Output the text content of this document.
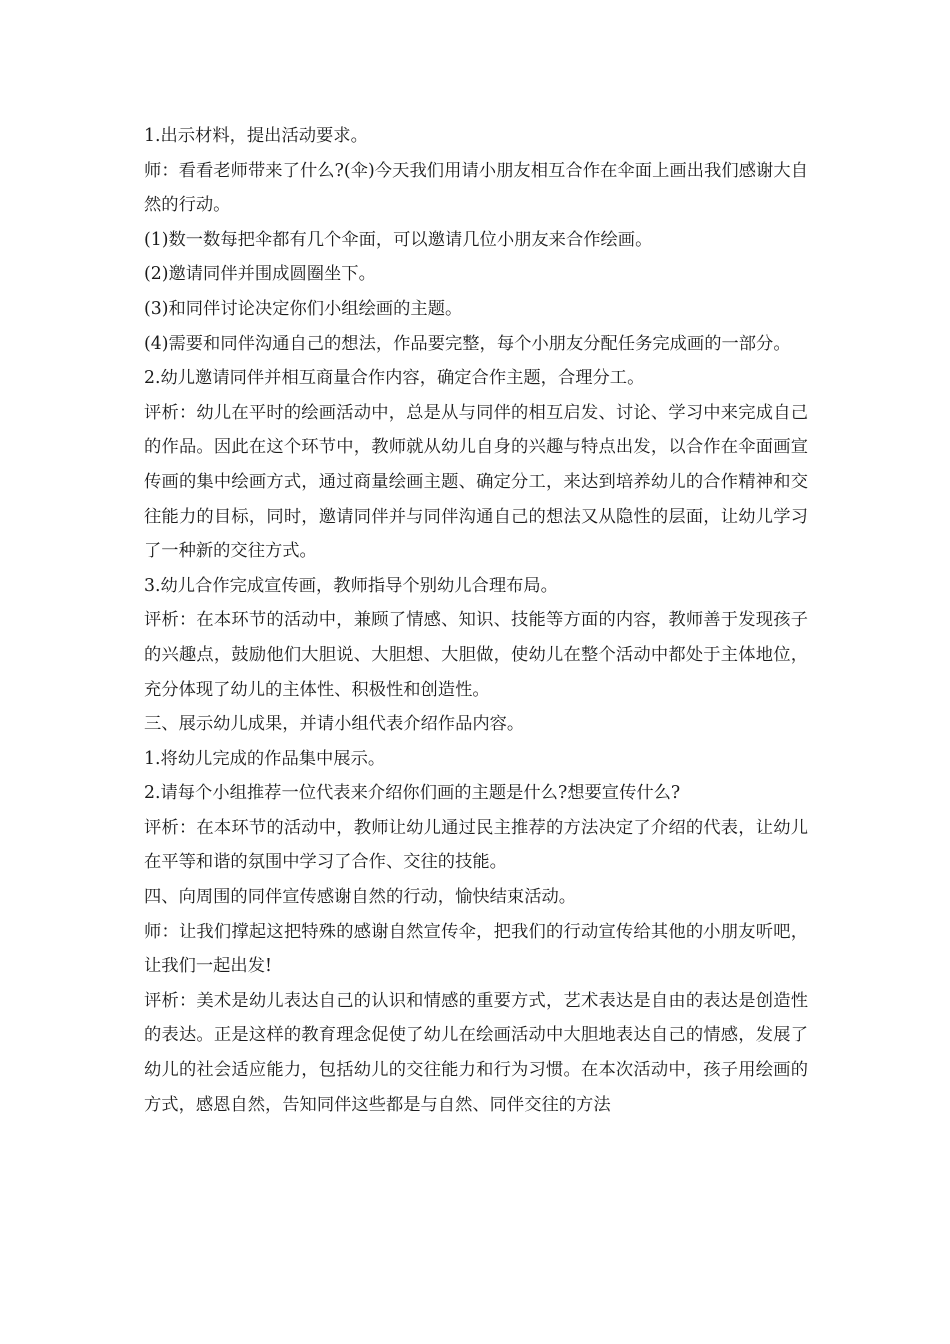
1.出示材料，提出活动要求。

师：看看老师带来了什么?(伞)今天我们用请小朋友相互合作在伞面上画出我们感谢大自然的行动。

(1)数一数每把伞都有几个伞面，可以邀请几位小朋友来合作绘画。

(2)邀请同伴并围成圆圈坐下。

(3)和同伴讨论决定你们小组绘画的主题。

(4)需要和同伴沟通自己的想法，作品要完整，每个小朋友分配任务完成画的一部分。

2.幼儿邀请同伴并相互商量合作内容，确定合作主题，合理分工。

评析：幼儿在平时的绘画活动中，总是从与同伴的相互启发、讨论、学习中来完成自己的作品。因此在这个环节中，教师就从幼儿自身的兴趣与特点出发，以合作在伞面画宣传画的集中绘画方式，通过商量绘画主题、确定分工，来达到培养幼儿的合作精神和交往能力的目标，同时，邀请同伴并与同伴沟通自己的想法又从隐性的层面，让幼儿学习了一种新的交往方式。

3.幼儿合作完成宣传画，教师指导个别幼儿合理布局。

评析：在本环节的活动中，兼顾了情感、知识、技能等方面的内容，教师善于发现孩子的兴趣点，鼓励他们大胆说、大胆想、大胆做，使幼儿在整个活动中都处于主体地位，充分体现了幼儿的主体性、积极性和创造性。

三、展示幼儿成果，并请小组代表介绍作品内容。

1.将幼儿完成的作品集中展示。

2.请每个小组推荐一位代表来介绍你们画的主题是什么?想要宣传什么?

评析：在本环节的活动中，教师让幼儿通过民主推荐的方法决定了介绍的代表，让幼儿在平等和谐的氛围中学习了合作、交往的技能。

四、向周围的同伴宣传感谢自然的行动，愉快结束活动。

师：让我们撑起这把特殊的感谢自然宣传伞，把我们的行动宣传给其他的小朋友听吧，让我们一起出发!

评析：美术是幼儿表达自己的认识和情感的重要方式，艺术表达是自由的表达是创造性的表达。正是这样的教育理念促使了幼儿在绘画活动中大胆地表达自己的情感，发展了幼儿的社会适应能力，包括幼儿的交往能力和行为习惯。在本次活动中，孩子用绘画的方式，感恩自然，告知同伴这些都是与自然、同伴交往的方法
